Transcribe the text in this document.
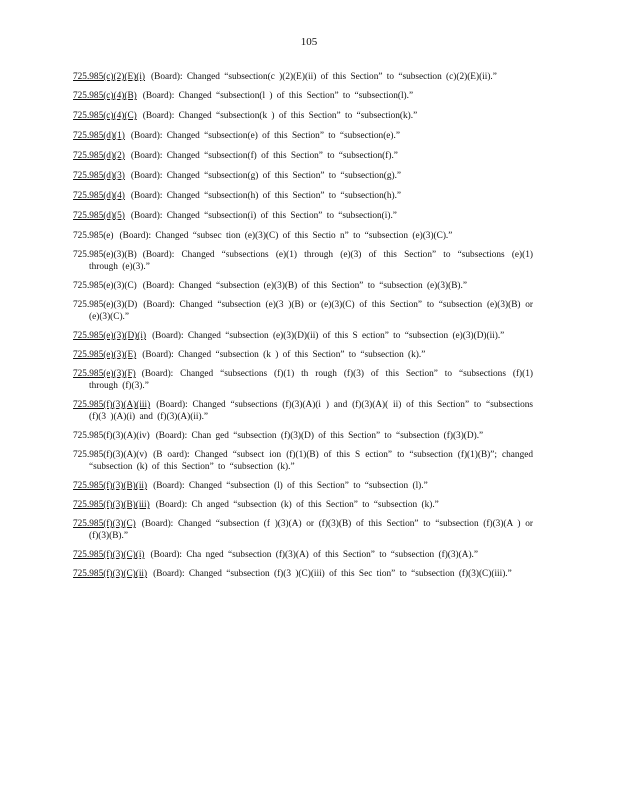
105
725.985(c)(2)(E)(i) (Board): Changed “subsection(c )(2)(E)(ii) of this Section” to “subsection (c)(2)(E)(ii).”
725.985(c)(4)(B) (Board): Changed “subsection(l ) of this Section” to “subsection(l).”
725.985(c)(4)(C) (Board): Changed “subsection(k ) of this Section” to “subsection(k).”
725.985(d)(1) (Board): Changed “subsection(e) of this Section” to “subsection(e).”
725.985(d)(2) (Board): Changed “subsection(f) of this Section” to “subsection(f).”
725.985(d)(3) (Board): Changed “subsection(g) of this Section” to “subsection(g).”
725.985(d)(4) (Board): Changed “subsection(h) of this Section” to “subsection(h).”
725.985(d)(5) (Board): Changed “subsection(i) of this Section” to “subsection(i).”
725.985(e) (Board): Changed “subsec tion (e)(3)(C) of this Sectio n” to “subsection (e)(3)(C).”
725.985(e)(3)(B) (Board): Changed “subsections (e)(1) through (e)(3) of this Section” to “subsections (e)(1) through (e)(3).”
725.985(e)(3)(C) (Board): Changed “subsection (e)(3)(B) of this Section” to “subsection (e)(3)(B).”
725.985(e)(3)(D) (Board): Changed “subsection (e)(3 )(B) or (e)(3)(C) of this Section” to “subsection (e)(3)(B) or (e)(3)(C).”
725.985(e)(3)(D)(i) (Board): Changed “subsection (e)(3)(D)(ii) of this S ection” to “subsection (e)(3)(D)(ii).”
725.985(e)(3)(E) (Board): Changed “subsection (k ) of this Section” to “subsection (k).”
725.985(e)(3)(F) (Board): Changed “subsections (f)(1) th rough (f)(3) of this Section” to “subsections (f)(1) through (f)(3).”
725.985(f)(3)(A)(iii) (Board): Changed “subsections (f)(3)(A)(i ) and (f)(3)(A)( ii) of this Section” to “subsections (f)(3 )(A)(i) and (f)(3)(A)(ii).”
725.985(f)(3)(A)(iv) (Board): Chan ged “subsection (f)(3)(D) of this Section” to “subsection (f)(3)(D).”
725.985(f)(3)(A)(v) (B oard): Changed “subsect ion (f)(1)(B) of this S ection” to “subsection (f)(1)(B)”; changed “subsection (k) of this Section” to “subsection (k).”
725.985(f)(3)(B)(ii) (Board): Changed “subsection (l) of this Section” to “subsection (l).”
725.985(f)(3)(B)(iii) (Board): Ch anged “subsection (k) of this Section” to “subsection (k).”
725.985(f)(3)(C) (Board): Changed “subsection (f )(3)(A) or (f)(3)(B) of this Section” to “subsection (f)(3)(A ) or (f)(3)(B).”
725.985(f)(3)(C)(i) (Board): Cha nged “subsection (f)(3)(A) of this Section” to “subsection (f)(3)(A).”
725.985(f)(3)(C)(ii) (Board): Changed “subsection (f)(3 )(C)(iii) of this Sec tion” to “subsection (f)(3)(C)(iii).”
